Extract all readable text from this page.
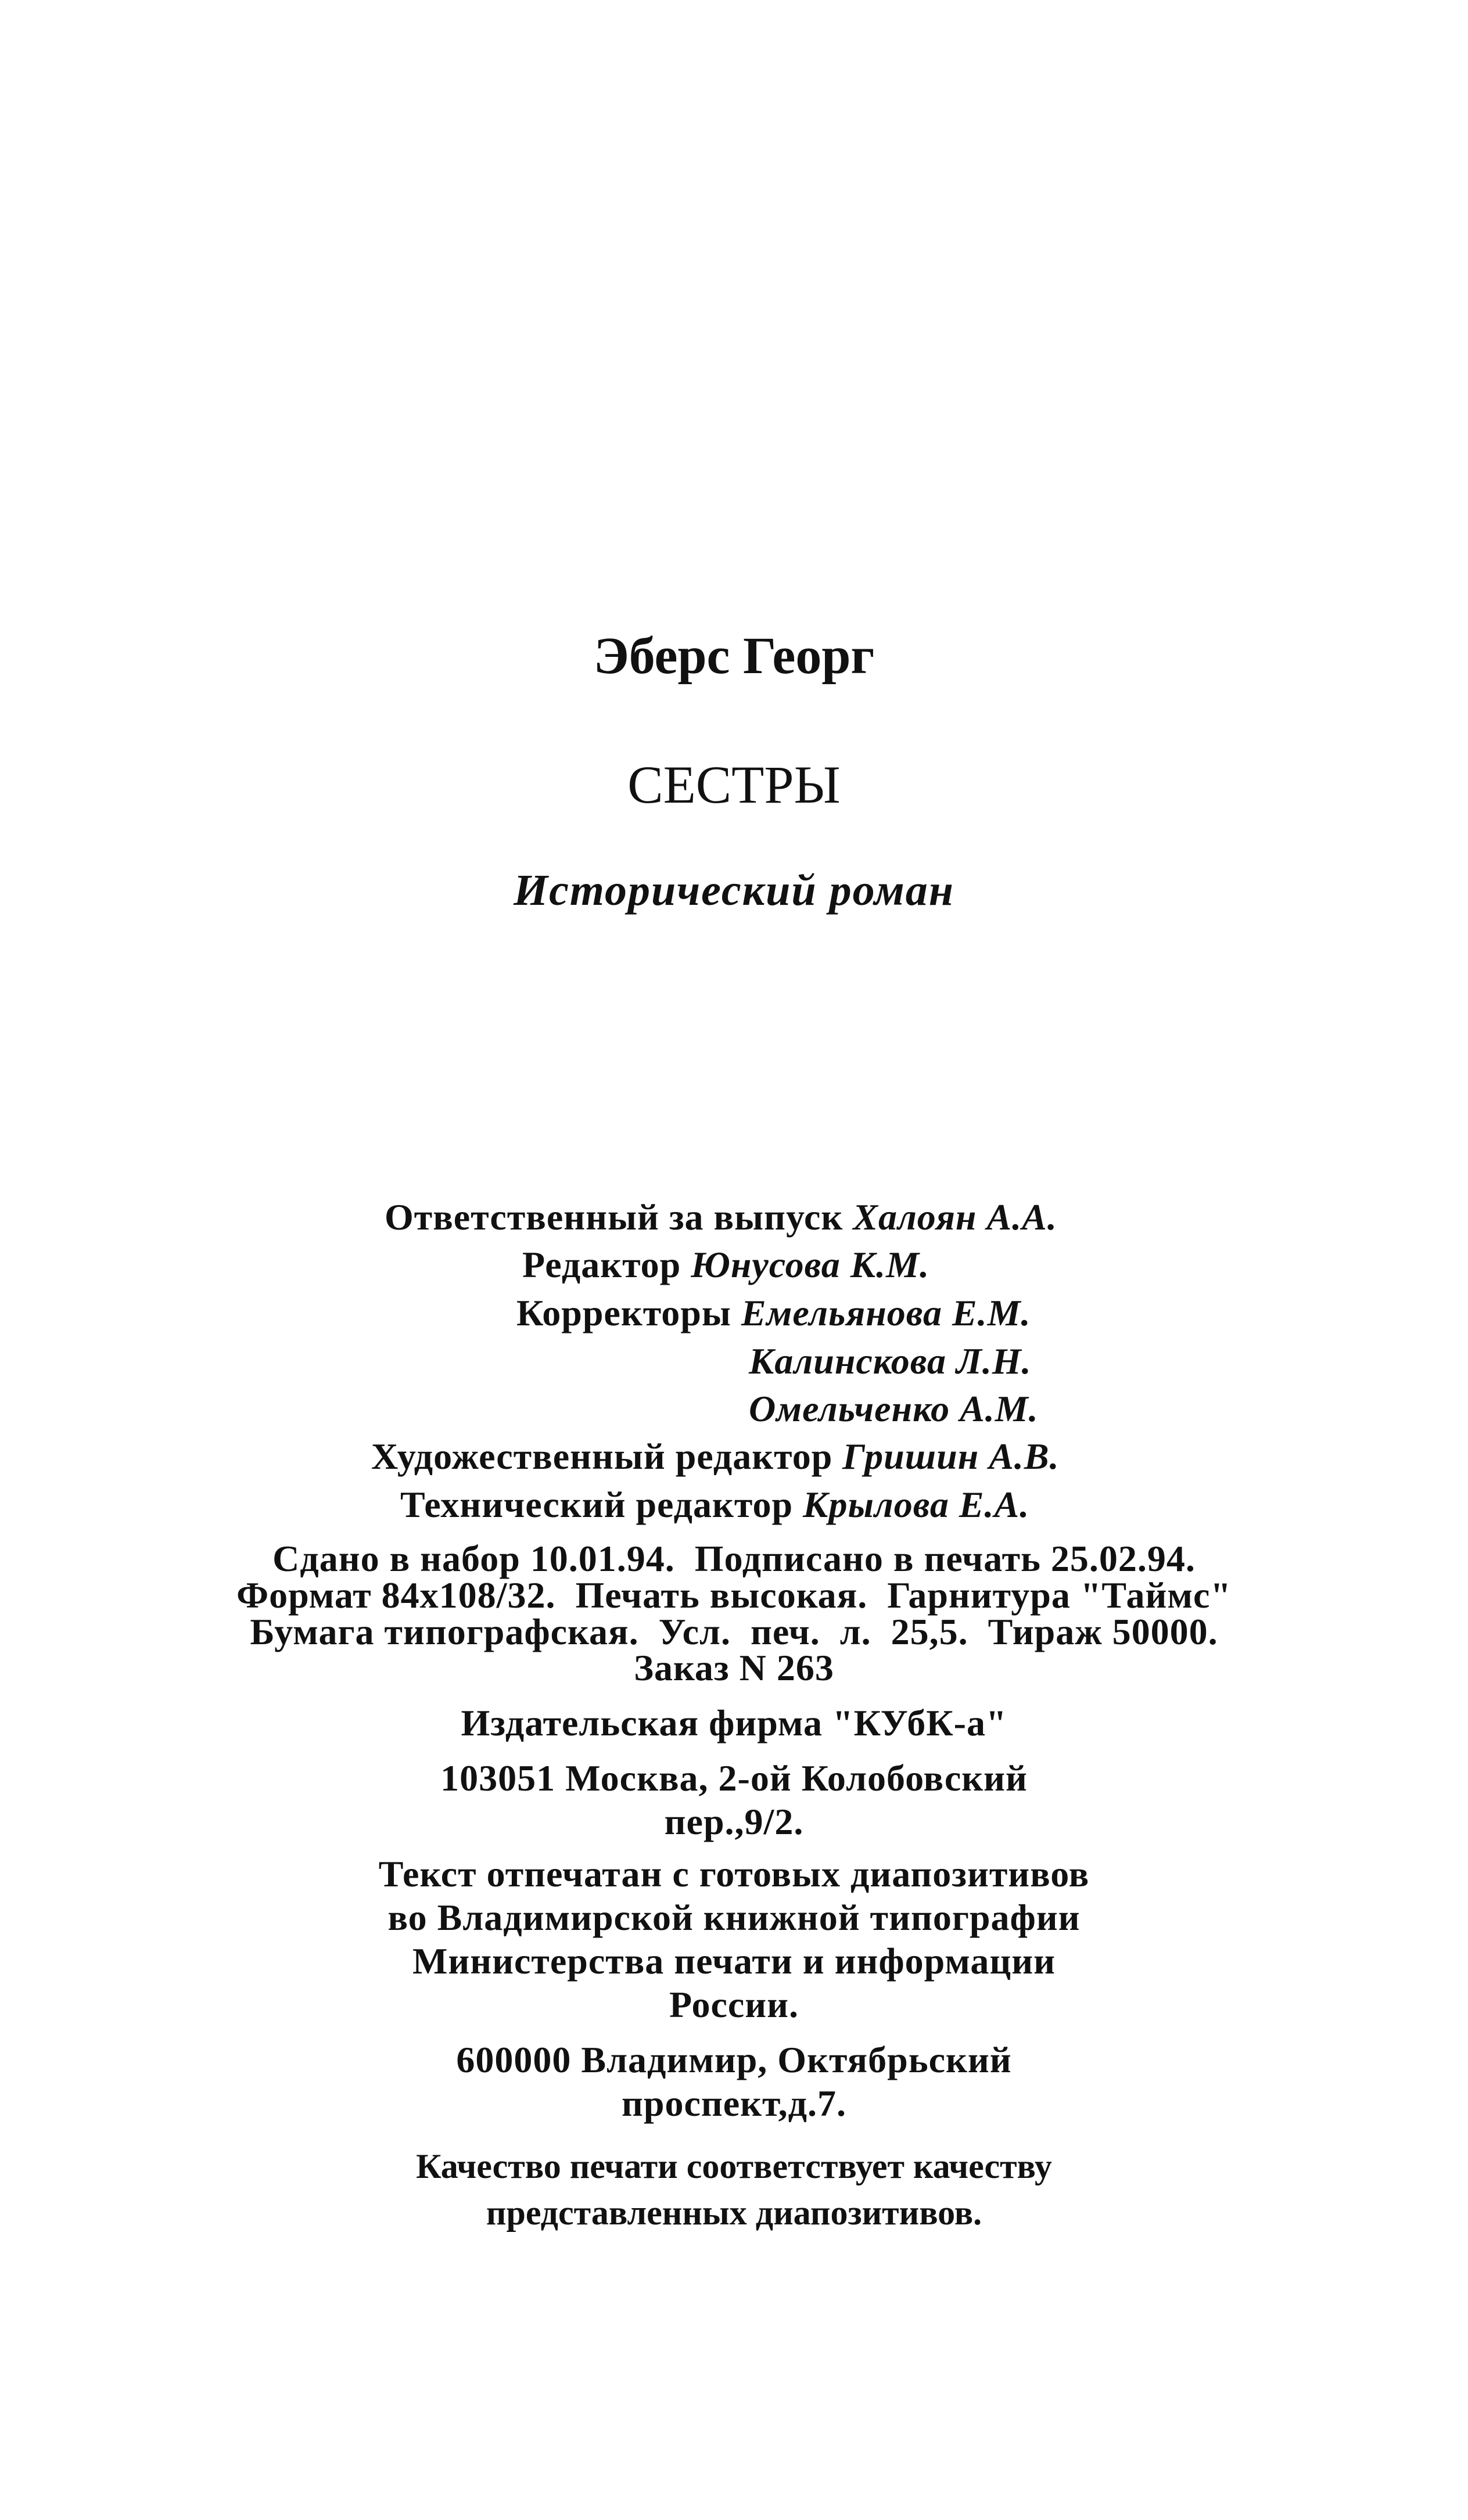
Эберс Георг
СЕСТРЫ
Исторический роман

Ответственный за выпуск Халоян А.А.

Редактор Юнусова К.М.

Корректоры Емельянова Е.М.

Калинскова Л.Н.

Омельченко А.М.

Художественный редактор Гришин А.В.

Технический редактор Крылова Е.А.

Сдано в набор 10.01.94.  Подписано в печать 25.02.94.
Формат 84х108/32.  Печать высокая.  Гарнитура "Таймс"
Бумага типографская.  Усл.  печ.  л.  25,5.  Тираж 50000.
Заказ N 263
Издательская фирма "КУбК-а"
103051 Москва, 2-ой Колобовский
пер.,9/2.
Текст отпечатан с готовых диапозитивов
во Владимирской книжной типографии
Министерства печати и информации
России.
600000 Владимир, Октябрьский
проспект,д.7.
Качество печати соответствует качеству
представленных диапозитивов.
